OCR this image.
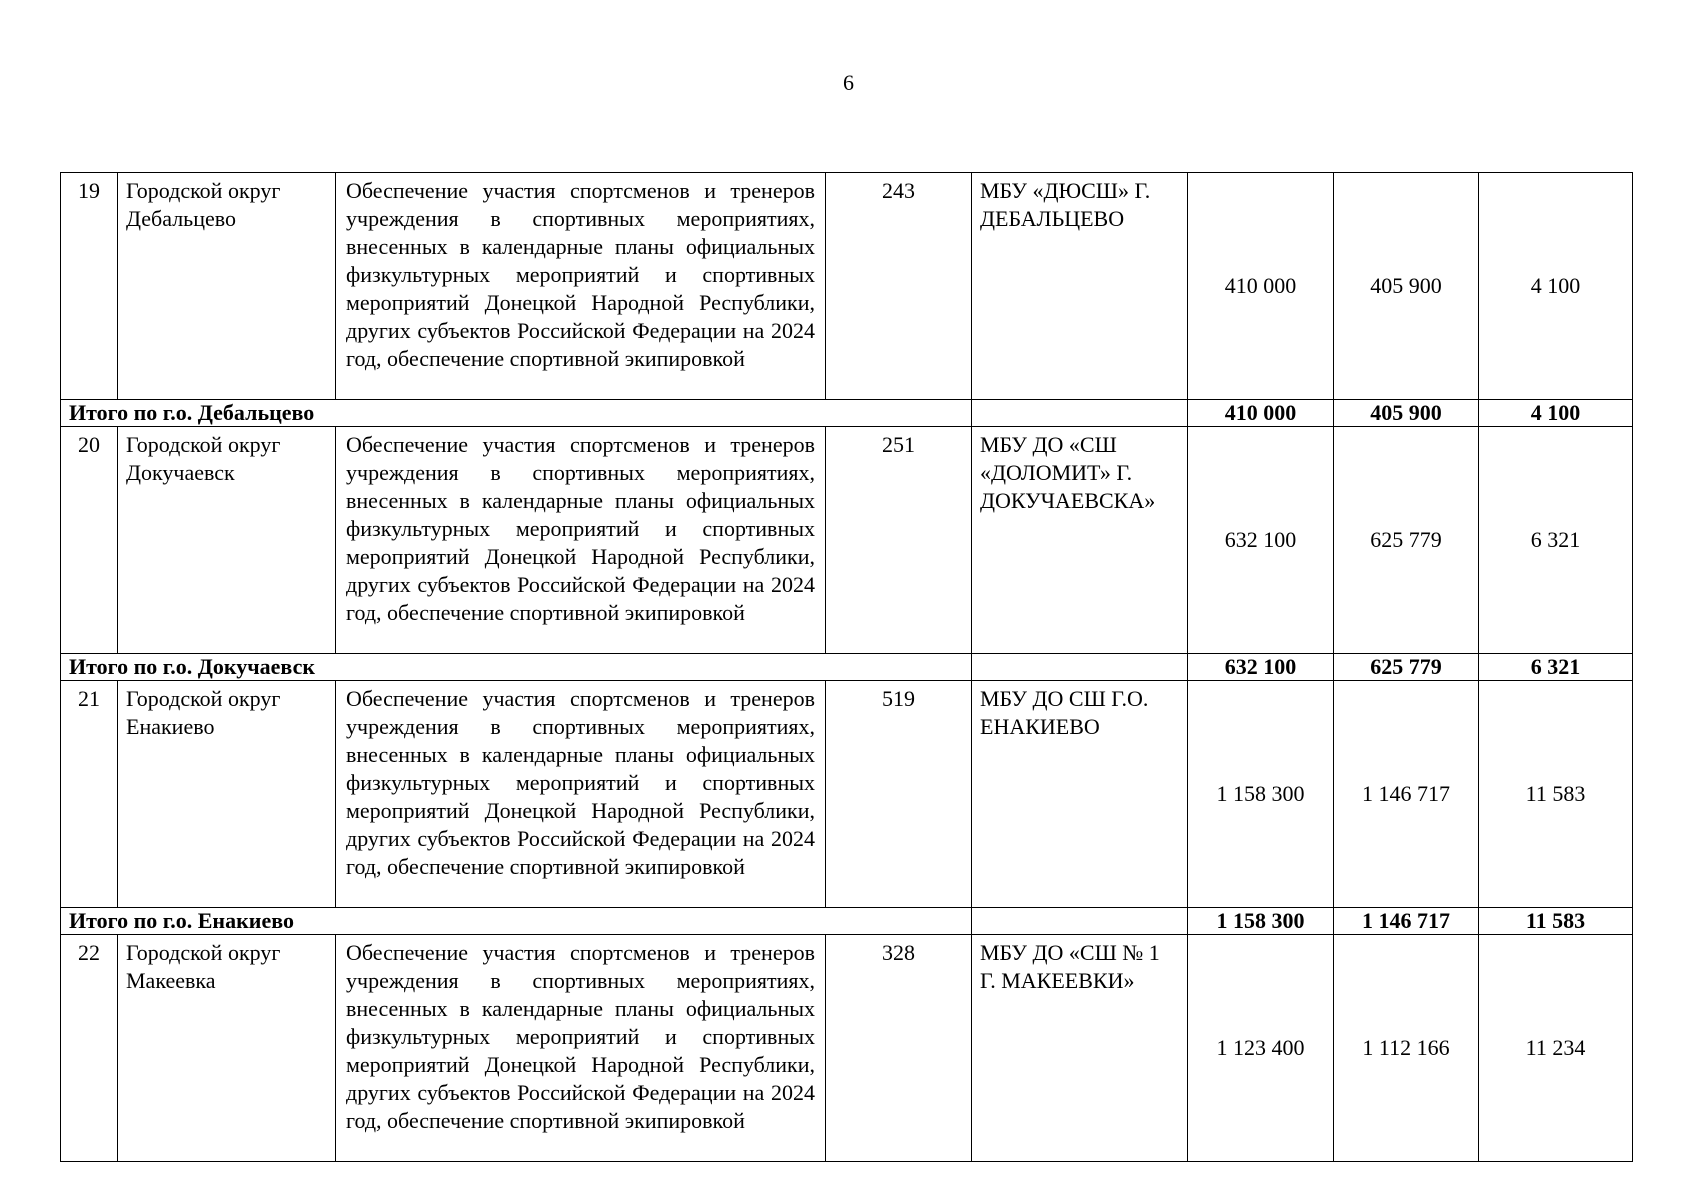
6
19	Городской округ Дебальцево	Обеспечение участия спортсменов и тренеров учреждения в спортивных мероприятиях, внесенных в календарные планы официальных физкультурных мероприятий и спортивных мероприятий Донецкой Народной Республики, других субъектов Российской Федерации на 2024 год, обеспечение спортивной экипировкой	243	МБУ «ДЮСШ» Г. ДЕБАЛЬЦЕВО	410 000	405 900	4 100
Итого по г.о. Дебальцево					410 000	405 900	4 100
20	Городской округ Докучаевск	Обеспечение участия спортсменов и тренеров учреждения в спортивных мероприятиях, внесенных в календарные планы официальных физкультурных мероприятий и спортивных мероприятий Донецкой Народной Республики, других субъектов Российской Федерации на 2024 год, обеспечение спортивной экипировкой	251	МБУ ДО «СШ «ДОЛОМИТ» Г. ДОКУЧАЕВСКА»	632 100	625 779	6 321
Итого по г.о. Докучаевск					632 100	625 779	6 321
21	Городской округ Енакиево	Обеспечение участия спортсменов и тренеров учреждения в спортивных мероприятиях, внесенных в календарные планы официальных физкультурных мероприятий и спортивных мероприятий Донецкой Народной Республики, других субъектов Российской Федерации на 2024 год, обеспечение спортивной экипировкой	519	МБУ ДО СШ Г.О. ЕНАКИЕВО	1 158 300	1 146 717	11 583
Итого по г.о. Енакиево					1 158 300	1 146 717	11 583
22	Городской округ Макеевка	Обеспечение участия спортсменов и тренеров учреждения в спортивных мероприятиях, внесенных в календарные планы официальных физкультурных мероприятий и спортивных мероприятий Донецкой Народной Республики, других субъектов Российской Федерации на 2024 год, обеспечение спортивной экипировкой	328	МБУ ДО «СШ № 1 Г. МАКЕЕВКИ»	1 123 400	1 112 166	11 234
